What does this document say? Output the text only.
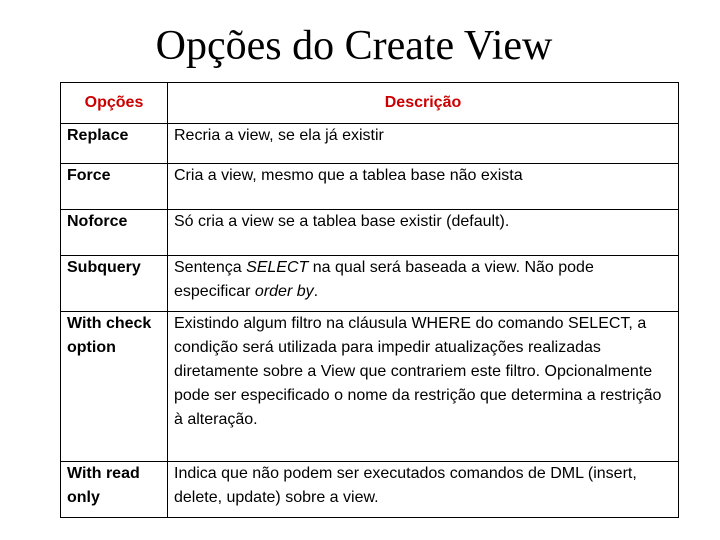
Opções do Create View
Opções	Descrição
Replace	Recria a view, se ela já existir
Force	Cria a view, mesmo que a tablea base não exista
Noforce	Só cria a view se a tablea base existir (default).
Subquery	Sentença SELECT na qual será baseada a view. Não pode especificar order by.
With check option	Existindo algum filtro na cláusula WHERE do comando SELECT, a condição será utilizada para impedir atualizações realizadas diretamente sobre a View que contrariem este filtro. Opcionalmente pode ser especificado o nome da restrição que determina a restrição à alteração.
With read only	Indica que não podem ser executados comandos de DML (insert, delete, update) sobre a view.
